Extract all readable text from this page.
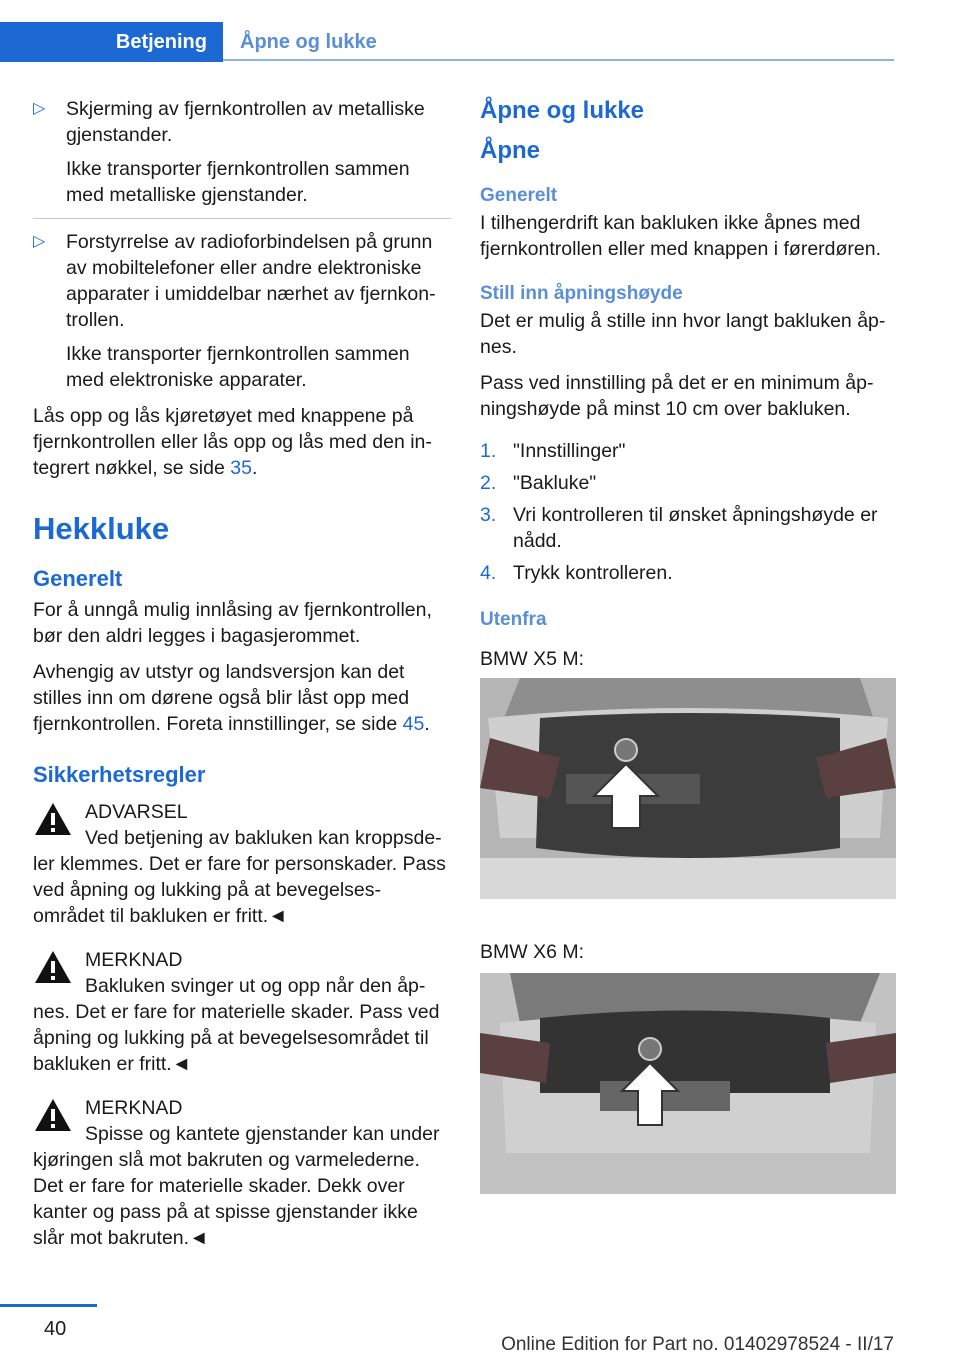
Betjening	Åpne og lukke
▷ Skjerming av fjernkontrollen av metalliske gjenstander.
Ikke transporter fjernkontrollen sammen med metalliske gjenstander.
▷ Forstyrrelse av radioforbindelsen på grunn av mobiltelefoner eller andre elektroniske apparater i umiddelbar nærhet av fjernkon‐trollen.
Ikke transporter fjernkontrollen sammen med elektroniske apparater.

Lås opp og lås kjøretøyet med knappene på fjernkontrollen eller lås opp og lås med den in‐tegrert nøkkel, se side 35.

Hekkluke
Generelt

For å unngå mulig innlåsing av fjernkontrollen, bør den aldri legges i bagasjerommet.

Avhengig av utstyr og landsversjon kan det stilles inn om dørene også blir låst opp med fjernkontrollen. Foreta innstillinger, se side 45.

Sikkerhetsregler
ADVARSEL
Ved betjening av bakluken kan kroppsde‐
ler klemmes. Det er fare for personskader. Pass ved åpning og lukking på at bevegelses‐området til bakluken er fritt.◄
MERKNAD
Bakluken svinger ut og opp når den åp‐
nes. Det er fare for materielle skader. Pass ved åpning og lukking på at bevegelsesområdet til bakluken er fritt.◄
MERKNAD
Spisse og kantete gjenstander kan under
kjøringen slå mot bakruten og varmelederne. Det er fare for materielle skader. Dekk over kanter og pass på at spisse gjenstander ikke slår mot bakruten.◄
Åpne og lukke
Åpne
Generelt

I tilhengerdrift kan bakluken ikke åpnes med fjernkontrollen eller med knappen i førerdøren.

Still inn åpningshøyde

Det er mulig å stille inn hvor langt bakluken åp‐nes.

Pass ved innstilling på det er en minimum åp‐ningshøyde på minst 10 cm over bakluken.

1. "Innstillinger"
2. "Bakluke"
3. Vri kontrolleren til ønsket åpningshøyde er nådd.
4. Trykk kontrolleren.
Utenfra

BMW X5 M:

BMW X6 M:

40
Online Edition for Part no. 01402978524 - II/17
